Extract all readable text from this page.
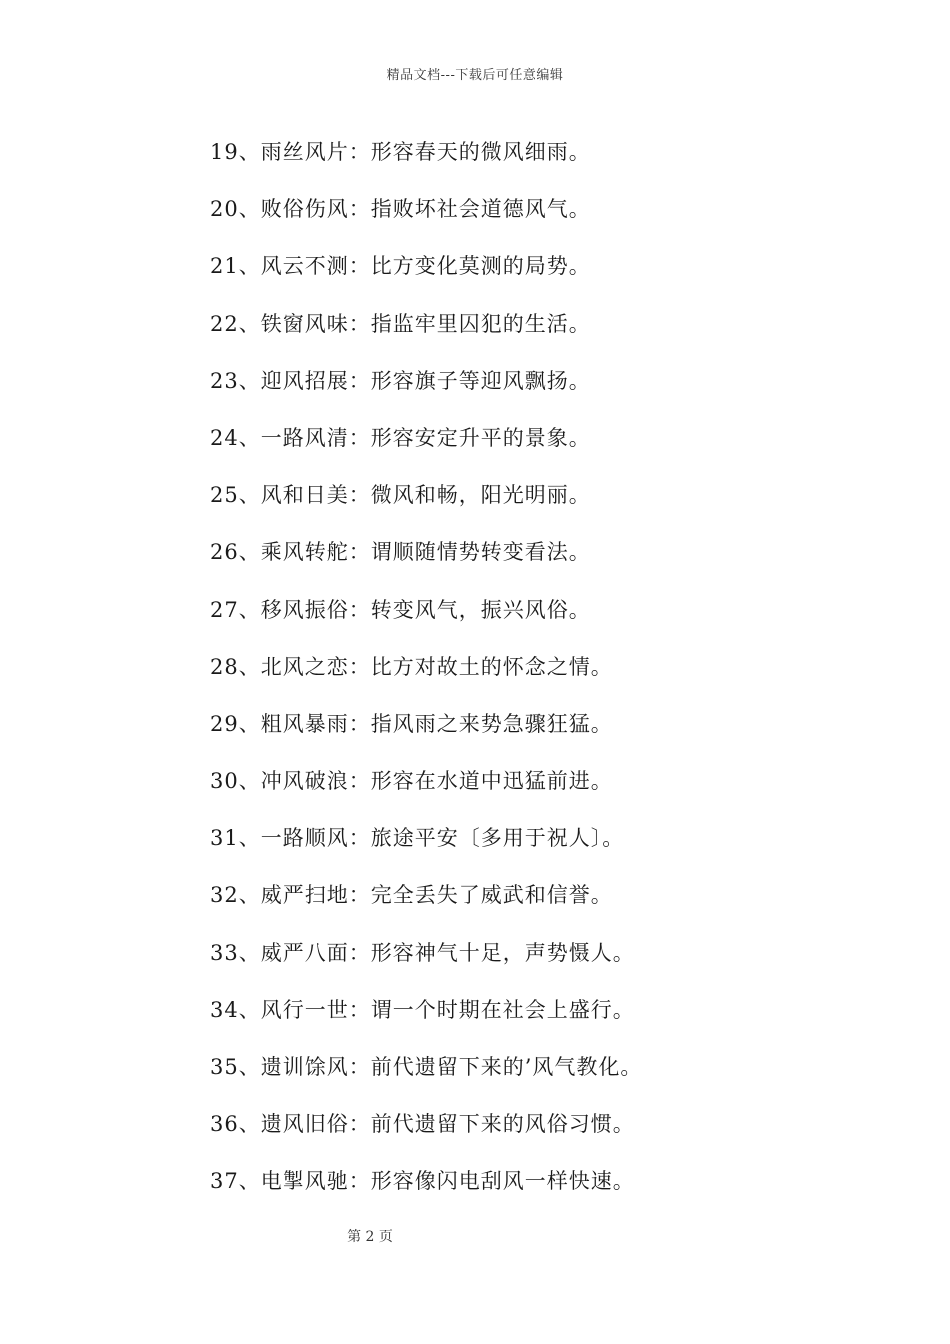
精品文档---下载后可任意编辑
19、雨丝风片：形容春天的微风细雨。
20、败俗伤风：指败坏社会道德风气。
21、风云不测：比方变化莫测的局势。
22、铁窗风味：指监牢里囚犯的生活。
23、迎风招展：形容旗子等迎风飘扬。
24、一路风清：形容安定升平的景象。
25、风和日美：微风和畅，阳光明丽。
26、乘风转舵：谓顺随情势转变看法。
27、移风振俗：转变风气，振兴风俗。
28、北风之恋：比方对故土的怀念之情。
29、粗风暴雨：指风雨之来势急骤狂猛。
30、冲风破浪：形容在水道中迅猛前进。
31、一路顺风：旅途平安〔多用于祝人〕。
32、威严扫地：完全丢失了威武和信誉。
33、威严八面：形容神气十足，声势慑人。
34、风行一世：谓一个时期在社会上盛行。
35、遗训馀风：前代遗留下来的’风气教化。
36、遗风旧俗：前代遗留下来的风俗习惯。
37、电掣风驰：形容像闪电刮风一样快速。
第 2 页
